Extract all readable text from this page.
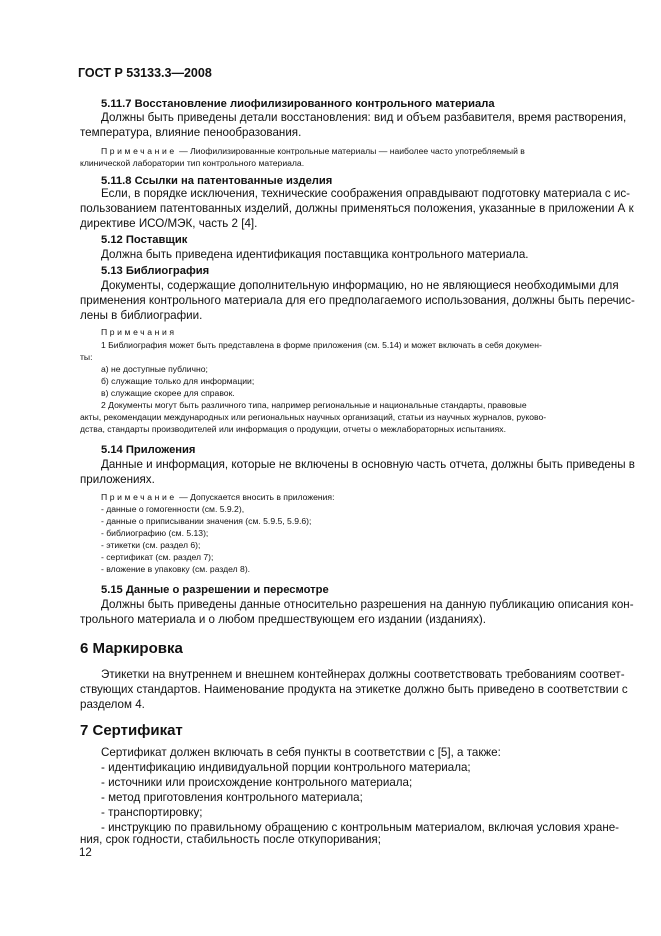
ГОСТ Р 53133.3—2008
5.11.7 Восстановление лиофилизированного контрольного материала
Должны быть приведены детали восстановления: вид и объем разбавителя, время растворения,
температура, влияние пенообразования.
Примечание — Лиофилизированные контрольные материалы — наиболее часто употребляемый в
клинической лаборатории тип контрольного материала.
5.11.8 Ссылки на патентованные изделия
Если, в порядке исключения, технические соображения оправдывают подготовку материала с ис-
пользованием патентованных изделий, должны применяться положения, указанные в приложении А к
директиве ИСО/МЭК, часть 2 [4].
5.12 Поставщик
Должна быть приведена идентификация поставщика контрольного материала.
5.13 Библиография
Документы, содержащие дополнительную информацию, но не являющиеся необходимыми для
применения контрольного материала для его предполагаемого использования, должны быть перечис-
лены в библиографии.
Примечания
1 Библиография может быть представлена в форме приложения (см. 5.14) и может включать в себя докумен-
ты:
а) не доступные публично;
б) служащие только для информации;
в) служащие скорее для справок.
2 Документы могут быть различного типа, например региональные и национальные стандарты, правовые
акты, рекомендации международных или региональных научных организаций, статьи из научных журналов, руково-
дства, стандарты производителей или информация о продукции, отчеты о межлабораторных испытаниях.
5.14 Приложения
Данные и информация, которые не включены в основную часть отчета, должны быть приведены в
приложениях.
Примечание — Допускается вносить в приложения:
- данные о гомогенности (см. 5.9.2),
- данные о приписывании значения (см. 5.9.5, 5.9.6);
- библиографию (см. 5.13);
- этикетки (см. раздел 6);
- сертификат (см. раздел 7);
- вложение в упаковку (см. раздел 8).
5.15 Данные о разрешении и пересмотре
Должны быть приведены данные относительно разрешения на данную публикацию описания кон-
трольного материала и о любом предшествующем его издании (изданиях).
6 Маркировка
Этикетки на внутреннем и внешнем контейнерах должны соответствовать требованиям соответ-
ствующих стандартов. Наименование продукта на этикетке должно быть приведено в соответствии с
разделом 4.
7 Сертификат
Сертификат должен включать в себя пункты в соответствии с [5], а также:
- идентификацию индивидуальной порции контрольного материала;
- источники или происхождение контрольного материала;
- метод приготовления контрольного материала;
- транспортировку;
- инструкцию по правильному обращению с контрольным материалом, включая условия хране-
ния, срок годности, стабильность после откупоривания;
12
